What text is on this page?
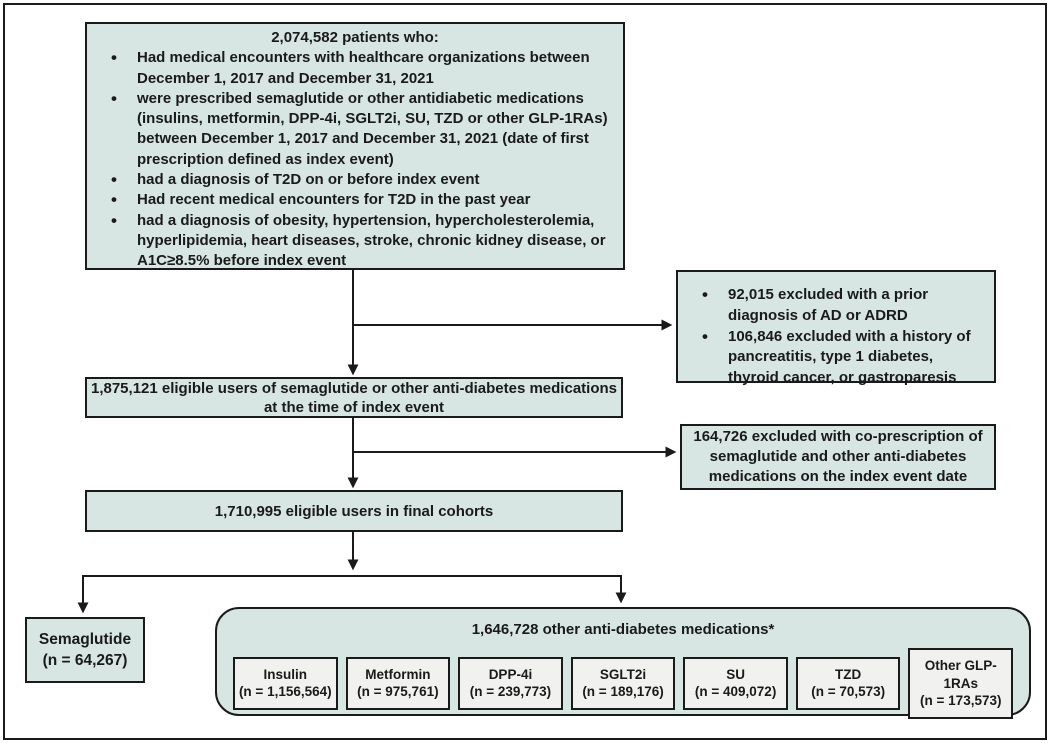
2,074,582 patients who:
• Had medical encounters with healthcare organizations between December 1, 2017 and December 31, 2021
• were prescribed semaglutide or other antidiabetic medications (insulins, metformin, DPP-4i, SGLT2i, SU, TZD or other GLP-1RAs) between December 1, 2017 and December 31, 2021 (date of first prescription defined as index event)
• had a diagnosis of T2D on or before index event
• Had recent medical encounters for T2D in the past year
• had a diagnosis of obesity, hypertension, hypercholesterolemia, hyperlipidemia, heart diseases, stroke, chronic kidney disease, or A1C≥8.5% before index event
• 92,015 excluded with a prior diagnosis of AD or ADRD
• 106,846 excluded with a history of pancreatitis, type 1 diabetes, thyroid cancer, or gastroparesis
1,875,121 eligible users of semaglutide or other anti-diabetes medications at the time of index event
164,726 excluded with co-prescription of semaglutide and other anti-diabetes medications on the index event date
1,710,995 eligible users in final cohorts
Semaglutide
(n = 64,267)
1,646,728 other anti-diabetes medications*
Insulin
(n = 1,156,564)
Metformin
(n = 975,761)
DPP-4i
(n = 239,773)
SGLT2i
(n = 189,176)
SU
(n = 409,072)
TZD
(n = 70,573)
Other GLP-1RAs
(n = 173,573)
